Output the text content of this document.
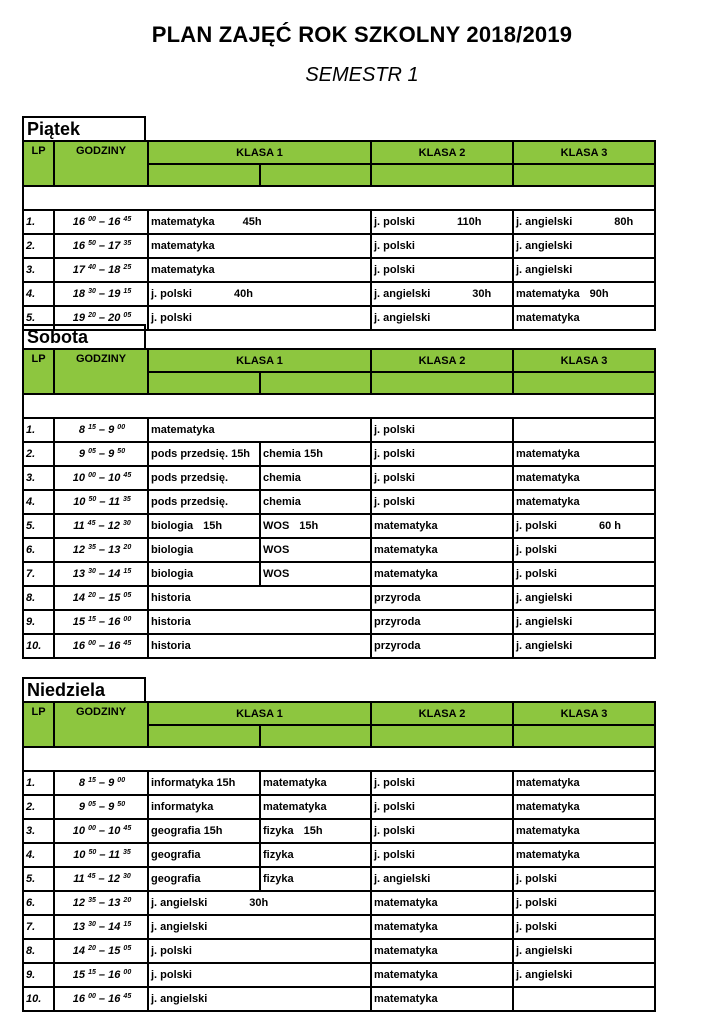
PLAN ZAJĘĆ ROK SZKOLNY 2018/2019
SEMESTR 1
Piątek
LP	GODZINY	KLASA 1		KLASA 2	KLASA 3

1.	16 $^{00}$ – 16 $^{45}$	matematyka 45h		j. polski 110h	j. angielski 80h
2.	16 $^{50}$ – 17 $^{35}$	matematyka		j. polski	j. angielski
3.	17 $^{40}$ – 18 $^{25}$	matematyka		j. polski	j. angielski
4.	18 $^{30}$ – 19 $^{15}$	j. polski 40h		j. angielski 30h	matematyka 90h
5.	19 $^{20}$ – 20 $^{05}$	j. polski		j. angielski	matematyka
Sobota
LP	GODZINY	KLASA 1		KLASA 2	KLASA 3

1.	8 $^{15}$ – 9 $^{00}$	matematyka		j. polski	
2.	9 $^{05}$ – 9 $^{50}$	pods przedsię. 15h	chemia 15h	j. polski	matematyka
3.	10 $^{00}$ – 10 $^{45}$	pods przedsię.	chemia	j. polski	matematyka
4.	10 $^{50}$ – 11 $^{35}$	pods przedsię.	chemia	j. polski	matematyka
5.	11 $^{45}$ – 12 $^{30}$	biologia 15h	WOS 15h	matematyka	j. polski 60 h
6.	12 $^{35}$ – 13 $^{20}$	biologia	WOS	matematyka	j. polski
7.	13 $^{30}$ – 14 $^{15}$	biologia	WOS	matematyka	j. polski
8.	14 $^{20}$ – 15 $^{05}$	historia		przyroda	j. angielski
9.	15 $^{15}$ – 16 $^{00}$	historia		przyroda	j. angielski
10.	16 $^{00}$ – 16 $^{45}$	historia		przyroda	j. angielski
Niedziela
LP	GODZINY	KLASA 1		KLASA 2	KLASA 3

1.	8 $^{15}$ – 9 $^{00}$	informatyka 15h	matematyka	j. polski	matematyka
2.	9 $^{05}$ – 9 $^{50}$	informatyka	matematyka	j. polski	matematyka
3.	10 $^{00}$ – 10 $^{45}$	geografia 15h	fizyka 15h	j. polski	matematyka
4.	10 $^{50}$ – 11 $^{35}$	geografia	fizyka	j. polski	matematyka
5.	11 $^{45}$ – 12 $^{30}$	geografia	fizyka	j. angielski	j. polski
6.	12 $^{35}$ – 13 $^{20}$	j. angielski 30h		matematyka	j. polski
7.	13 $^{30}$ – 14 $^{15}$	j. angielski		matematyka	j. polski
8.	14 $^{20}$ – 15 $^{05}$	j. polski		matematyka	j. angielski
9.	15 $^{15}$ – 16 $^{00}$	j. polski		matematyka	j. angielski
10.	16 $^{00}$ – 16 $^{45}$	j. angielski		matematyka	
